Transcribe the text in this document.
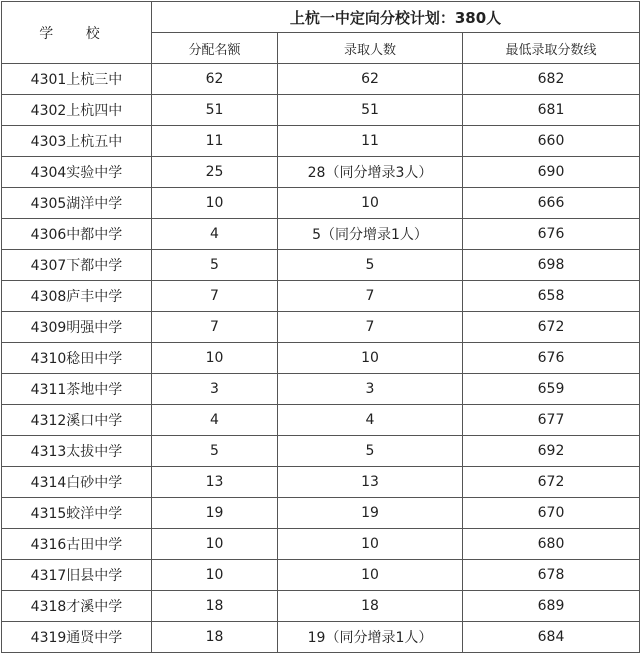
学 校	上杭一中定向分校计划：380人		
	分配名额	录取人数	最低录取分数线
4301上杭三中	62	62	682
4302上杭四中	51	51	681
4303上杭五中	11	11	660
4304实验中学	25	28（同分增录3人）	690
4305湖洋中学	10	10	666
4306中都中学	4	5（同分增录1人）	676
4307下都中学	5	5	698
4308庐丰中学	7	7	658
4309明强中学	7	7	672
4310稔田中学	10	10	676
4311茶地中学	3	3	659
4312溪口中学	4	4	677
4313太拔中学	5	5	692
4314白砂中学	13	13	672
4315蛟洋中学	19	19	670
4316古田中学	10	10	680
4317旧县中学	10	10	678
4318才溪中学	18	18	689
4319通贤中学	18	19（同分增录1人）	684
